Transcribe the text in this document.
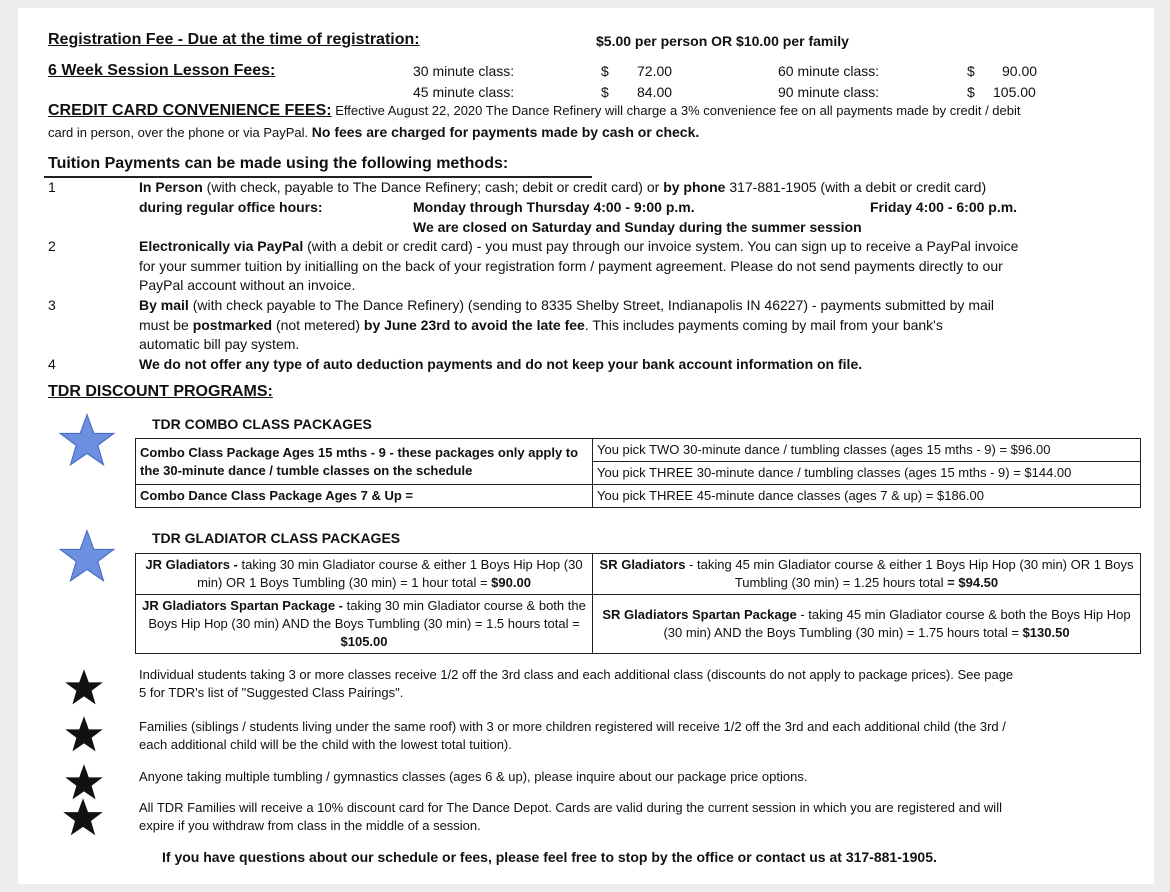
Registration Fee - Due at the time of registration:	$5.00 per person OR $10.00 per family
6 Week Session Lesson Fees:	30 minute class:	$ 72.00	60 minute class:	$ 90.00
45 minute class:	$ 84.00	90 minute class:	$ 105.00
CREDIT CARD CONVENIENCE FEES: Effective August 22, 2020 The Dance Refinery will charge a 3% convenience fee on all payments made by credit / debit
card in person, over the phone or via PayPal. No fees are charged for payments made by cash or check.
Tuition Payments can be made using the following methods:
1	In Person (with check, payable to The Dance Refinery; cash; debit or credit card) or by phone 317-881-1905 (with a debit or credit card)
during regular office hours:	Monday through Thursday 4:00 - 9:00 p.m.	Friday 4:00 - 6:00 p.m.
We are closed on Saturday and Sunday during the summer session
2	Electronically via PayPal (with a debit or credit card) - you must pay through our invoice system. You can sign up to receive a PayPal invoice
for your summer tuition by initialling on the back of your registration form / payment agreement. Please do not send payments directly to our
PayPal account without an invoice.
3	By mail (with check payable to The Dance Refinery) (sending to 8335 Shelby Street, Indianapolis IN 46227) - payments submitted by mail
must be postmarked (not metered) by June 23rd to avoid the late fee. This includes payments coming by mail from your bank's
automatic bill pay system.
4	We do not offer any type of auto deduction payments and do not keep your bank account information on file.
TDR DISCOUNT PROGRAMS:
TDR COMBO CLASS PACKAGES
Combo Class Package Ages 15 mths - 9 - these packages only apply to the 30-minute dance / tumble classes on the schedule	You pick TWO 30-minute dance / tumbling classes (ages 15 mths - 9) = $96.00
	You pick THREE 30-minute dance / tumbling classes (ages 15 mths - 9) = $144.00
Combo Dance Class Package Ages 7 & Up =	You pick THREE 45-minute dance classes (ages 7 & up) = $186.00
TDR GLADIATOR CLASS PACKAGES
JR Gladiators - taking 30 min Gladiator course & either 1 Boys Hip Hop (30 min) OR 1 Boys Tumbling (30 min) = 1 hour total = $90.00	SR Gladiators - taking 45 min Gladiator course & either 1 Boys Hip Hop (30 min) OR 1 Boys Tumbling (30 min) = 1.25 hours total = $94.50
JR Gladiators Spartan Package - taking 30 min Gladiator course & both the Boys Hip Hop (30 min) AND the Boys Tumbling (30 min) = 1.5 hours total = $105.00	SR Gladiators Spartan Package - taking 45 min Gladiator course & both the Boys Hip Hop (30 min) AND the Boys Tumbling (30 min) = 1.75 hours total = $130.50
Individual students taking 3 or more classes receive 1/2 off the 3rd class and each additional class (discounts do not apply to package prices). See page
5 for TDR's list of "Suggested Class Pairings".
Families (siblings / students living under the same roof) with 3 or more children registered will receive 1/2 off the 3rd and each additional child (the 3rd /
each additional child will be the child with the lowest total tuition).
Anyone taking multiple tumbling / gymnastics classes (ages 6 & up), please inquire about our package price options.
All TDR Families will receive a 10% discount card for The Dance Depot. Cards are valid during the current session in which you are registered and will
expire if you withdraw from class in the middle of a session.
If you have questions about our schedule or fees, please feel free to stop by the office or contact us at 317-881-1905.
